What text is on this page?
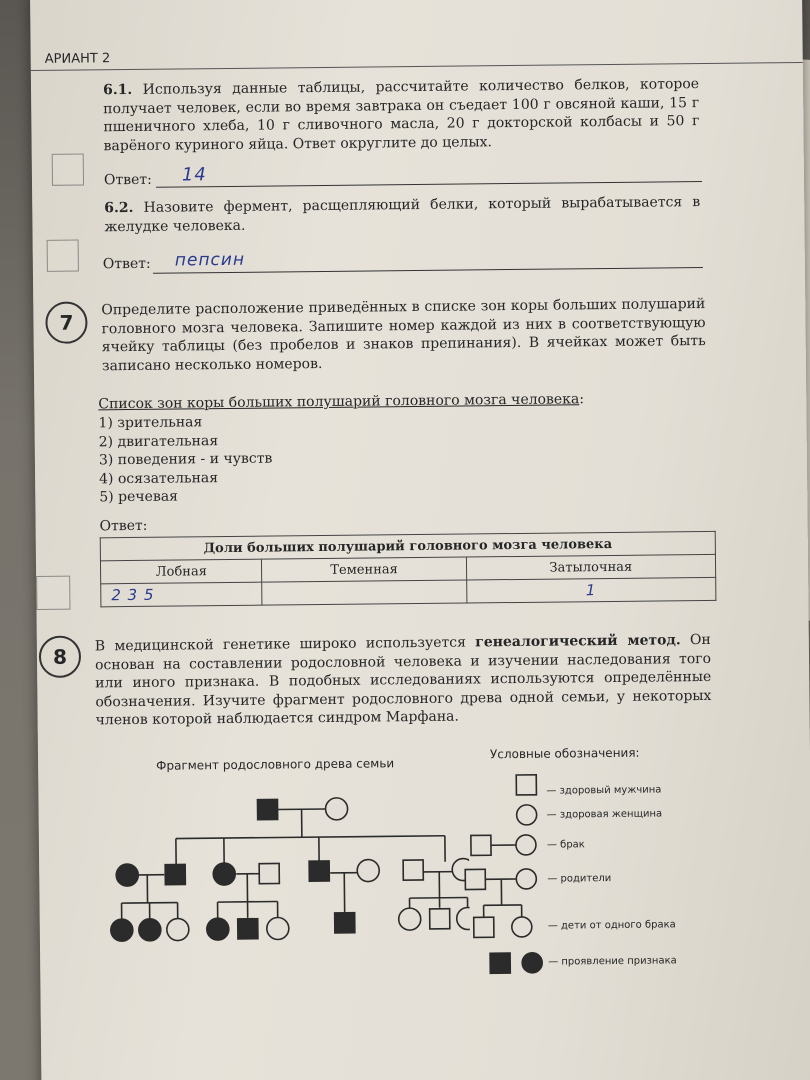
АРИАНТ 2
6.1. Используя данные таблицы, рассчитайте количество белков, которое получает человек, если во время завтрака он съедает 100 г овсяной каши, 15 г пшеничного хлеба, 10 г сливочного масла, 20 г докторской колбасы и 50 г варёного куриного яйца. Ответ округлите до целых.
Ответ: 14
6.2. Назовите фермент, расщепляющий белки, который вырабатывается в желудке человека.
Ответ: пепсин
7
Определите расположение приведённых в списке зон коры больших полушарий головного мозга человека. Запишите номер каждой из них в соответствующую ячейку таблицы (без пробелов и знаков препинания). В ячейках может быть записано несколько номеров.
Список зон коры больших полушарий головного мозга человека:
1) зрительная
2) двигательная
3) поведения - и чувств
4) осязательная
5) речевая
Ответ:
Доли больших полушарий головного мозга человека		
Лобная	Теменная	Затылочная
2 3 5		1
8
В медицинской генетике широко используется генеалогический метод. Он основан на составлении родословной человека и изучении наследования того или иного признака. В подобных исследованиях используются определённые обозначения. Изучите фрагмент родословного древа одной семьи, у некоторых членов которой наблюдается синдром Марфана.
Фрагмент родословного древа семьи
Условные обозначения:
— здоровый мужчина
— здоровая женщина
— брак
— родители
— дети от одного брака
— проявление признака
